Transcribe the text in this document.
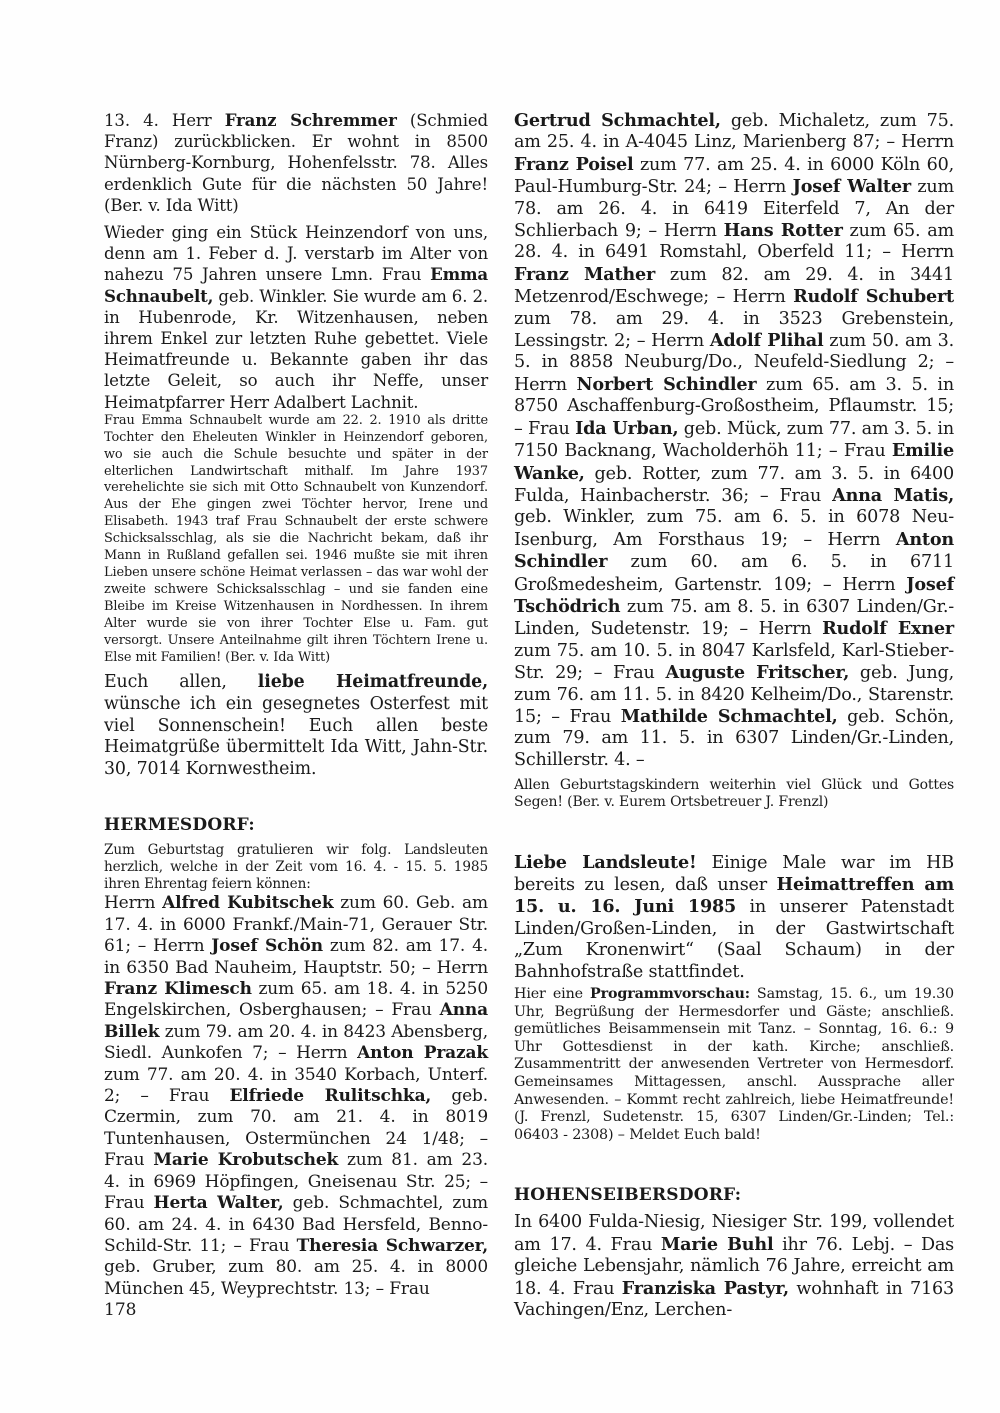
13. 4. Herr Franz Schremmer (Schmied Franz) zurückblicken. Er wohnt in 8500 Nürnberg-Kornburg, Hohenfelsstr. 78. Alles erdenklich Gute für die nächsten 50 Jahre! (Ber. v. Ida Witt)

Wieder ging ein Stück Heinzendorf von uns, denn am 1. Feber d. J. verstarb im Alter von nahezu 75 Jahren unsere Lmn. Frau Emma Schnaubelt, geb. Winkler. Sie wurde am 6. 2. in Hubenrode, Kr. Witzenhausen, neben ihrem Enkel zur letzten Ruhe gebettet. Viele Heimatfreunde u. Bekannte gaben ihr das letzte Geleit, so auch ihr Neffe, unser Heimatpfarrer Herr Adalbert Lachnit.

Frau Emma Schnaubelt wurde am 22. 2. 1910 als dritte Tochter den Eheleuten Winkler in Heinzendorf geboren, wo sie auch die Schule besuchte und später in der elterlichen Landwirtschaft mithalf. Im Jahre 1937 verehelichte sie sich mit Otto Schnaubelt von Kunzendorf. Aus der Ehe gingen zwei Töchter hervor, Irene und Elisabeth. 1943 traf Frau Schnaubelt der erste schwere Schicksalsschlag, als sie die Nachricht bekam, daß ihr Mann in Rußland gefallen sei. 1946 mußte sie mit ihren Lieben unsere schöne Heimat verlassen – das war wohl der zweite schwere Schicksalsschlag – und sie fanden eine Bleibe im Kreise Witzenhausen in Nordhessen. In ihrem Alter wurde sie von ihrer Tochter Else u. Fam. gut versorgt. Unsere Anteilnahme gilt ihren Töchtern Irene u. Else mit Familien! (Ber. v. Ida Witt)

Euch allen, liebe Heimatfreunde, wünsche ich ein gesegnetes Osterfest mit viel Sonnenschein! Euch allen beste Heimatgrüße übermittelt Ida Witt, Jahn-Str. 30, 7014 Kornwestheim.

HERMESDORF:

Zum Geburtstag gratulieren wir folg. Landsleuten herzlich, welche in der Zeit vom 16. 4. - 15. 5. 1985 ihren Ehrentag feiern können:

Herrn Alfred Kubitschek zum 60. Geb. am 17. 4. in 6000 Frankf./Main-71, Gerauer Str. 61; – Herrn Josef Schön zum 82. am 17. 4. in 6350 Bad Nauheim, Hauptstr. 50; – Herrn Franz Klimesch zum 65. am 18. 4. in 5250 Engelskirchen, Osberghausen; – Frau Anna Billek zum 79. am 20. 4. in 8423 Abensberg, Siedl. Aunkofen 7; – Herrn Anton Prazak zum 77. am 20. 4. in 3540 Korbach, Unterf. 2; – Frau Elfriede Rulitschka, geb. Czermin, zum 70. am 21. 4. in 8019 Tuntenhausen, Ostermünchen 24 1/48; – Frau Marie Krobutschek zum 81. am 23. 4. in 6969 Höpfingen, Gneisenau Str. 25; – Frau Herta Walter, geb. Schmachtel, zum 60. am 24. 4. in 6430 Bad Hersfeld, Benno-Schild-Str. 11; – Frau Theresia Schwarzer, geb. Gruber, zum 80. am 25. 4. in 8000 München 45, Weyprechtstr. 13; – Frau

Gertrud Schmachtel, geb. Michaletz, zum 75. am 25. 4. in A-4045 Linz, Marienberg 87; – Herrn Franz Poisel zum 77. am 25. 4. in 6000 Köln 60, Paul-Humburg-Str. 24; – Herrn Josef Walter zum 78. am 26. 4. in 6419 Eiterfeld 7, An der Schlierbach 9; – Herrn Hans Rotter zum 65. am 28. 4. in 6491 Romstahl, Oberfeld 11; – Herrn Franz Mather zum 82. am 29. 4. in 3441 Metzenrod/Eschwege; – Herrn Rudolf Schubert zum 78. am 29. 4. in 3523 Grebenstein, Lessingstr. 2; – Herrn Adolf Plihal zum 50. am 3. 5. in 8858 Neuburg/Do., Neufeld-Siedlung 2; – Herrn Norbert Schindler zum 65. am 3. 5. in 8750 Aschaffenburg-Großostheim, Pflaumstr. 15; – Frau Ida Urban, geb. Mück, zum 77. am 3. 5. in 7150 Backnang, Wacholderhöh 11; – Frau Emilie Wanke, geb. Rotter, zum 77. am 3. 5. in 6400 Fulda, Hainbacherstr. 36; – Frau Anna Matis, geb. Winkler, zum 75. am 6. 5. in 6078 Neu-Isenburg, Am Forsthaus 19; – Herrn Anton Schindler zum 60. am 6. 5. in 6711 Großmedesheim, Gartenstr. 109; – Herrn Josef Tschödrich zum 75. am 8. 5. in 6307 Linden/Gr.-Linden, Sudetenstr. 19; – Herrn Rudolf Exner zum 75. am 10. 5. in 8047 Karlsfeld, Karl-Stieber-Str. 29; – Frau Auguste Fritscher, geb. Jung, zum 76. am 11. 5. in 8420 Kelheim/Do., Starenstr. 15; – Frau Mathilde Schmachtel, geb. Schön, zum 79. am 11. 5. in 6307 Linden/Gr.-Linden, Schillerstr. 4. –

Allen Geburtstagskindern weiterhin viel Glück und Gottes Segen! (Ber. v. Eurem Ortsbetreuer J. Frenzl)

Liebe Landsleute! Einige Male war im HB bereits zu lesen, daß unser Heimattreffen am 15. u. 16. Juni 1985 in unserer Patenstadt Linden/Großen-Linden, in der Gastwirtschaft „Zum Kronenwirt“ (Saal Schaum) in der Bahnhofstraße stattfindet.

Hier eine Programmvorschau: Samstag, 15. 6., um 19.30 Uhr, Begrüßung der Hermesdorfer und Gäste; anschließ. gemütliches Beisammensein mit Tanz. – Sonntag, 16. 6.: 9 Uhr Gottesdienst in der kath. Kirche; anschließ. Zusammentritt der anwesenden Vertreter von Hermesdorf. Gemeinsames Mittagessen, anschl. Aussprache aller Anwesenden. – Kommt recht zahlreich, liebe Heimatfreunde! (J. Frenzl, Sudetenstr. 15, 6307 Linden/Gr.-Linden; Tel.: 06403 - 2308) – Meldet Euch bald!

HOHENSEIBERSDORF:

In 6400 Fulda-Niesig, Niesiger Str. 199, vollendet am 17. 4. Frau Marie Buhl ihr 76. Lebj. – Das gleiche Lebensjahr, nämlich 76 Jahre, erreicht am 18. 4. Frau Franziska Pastyr, wohnhaft in 7163 Vachingen/Enz, Lerchen-

178
